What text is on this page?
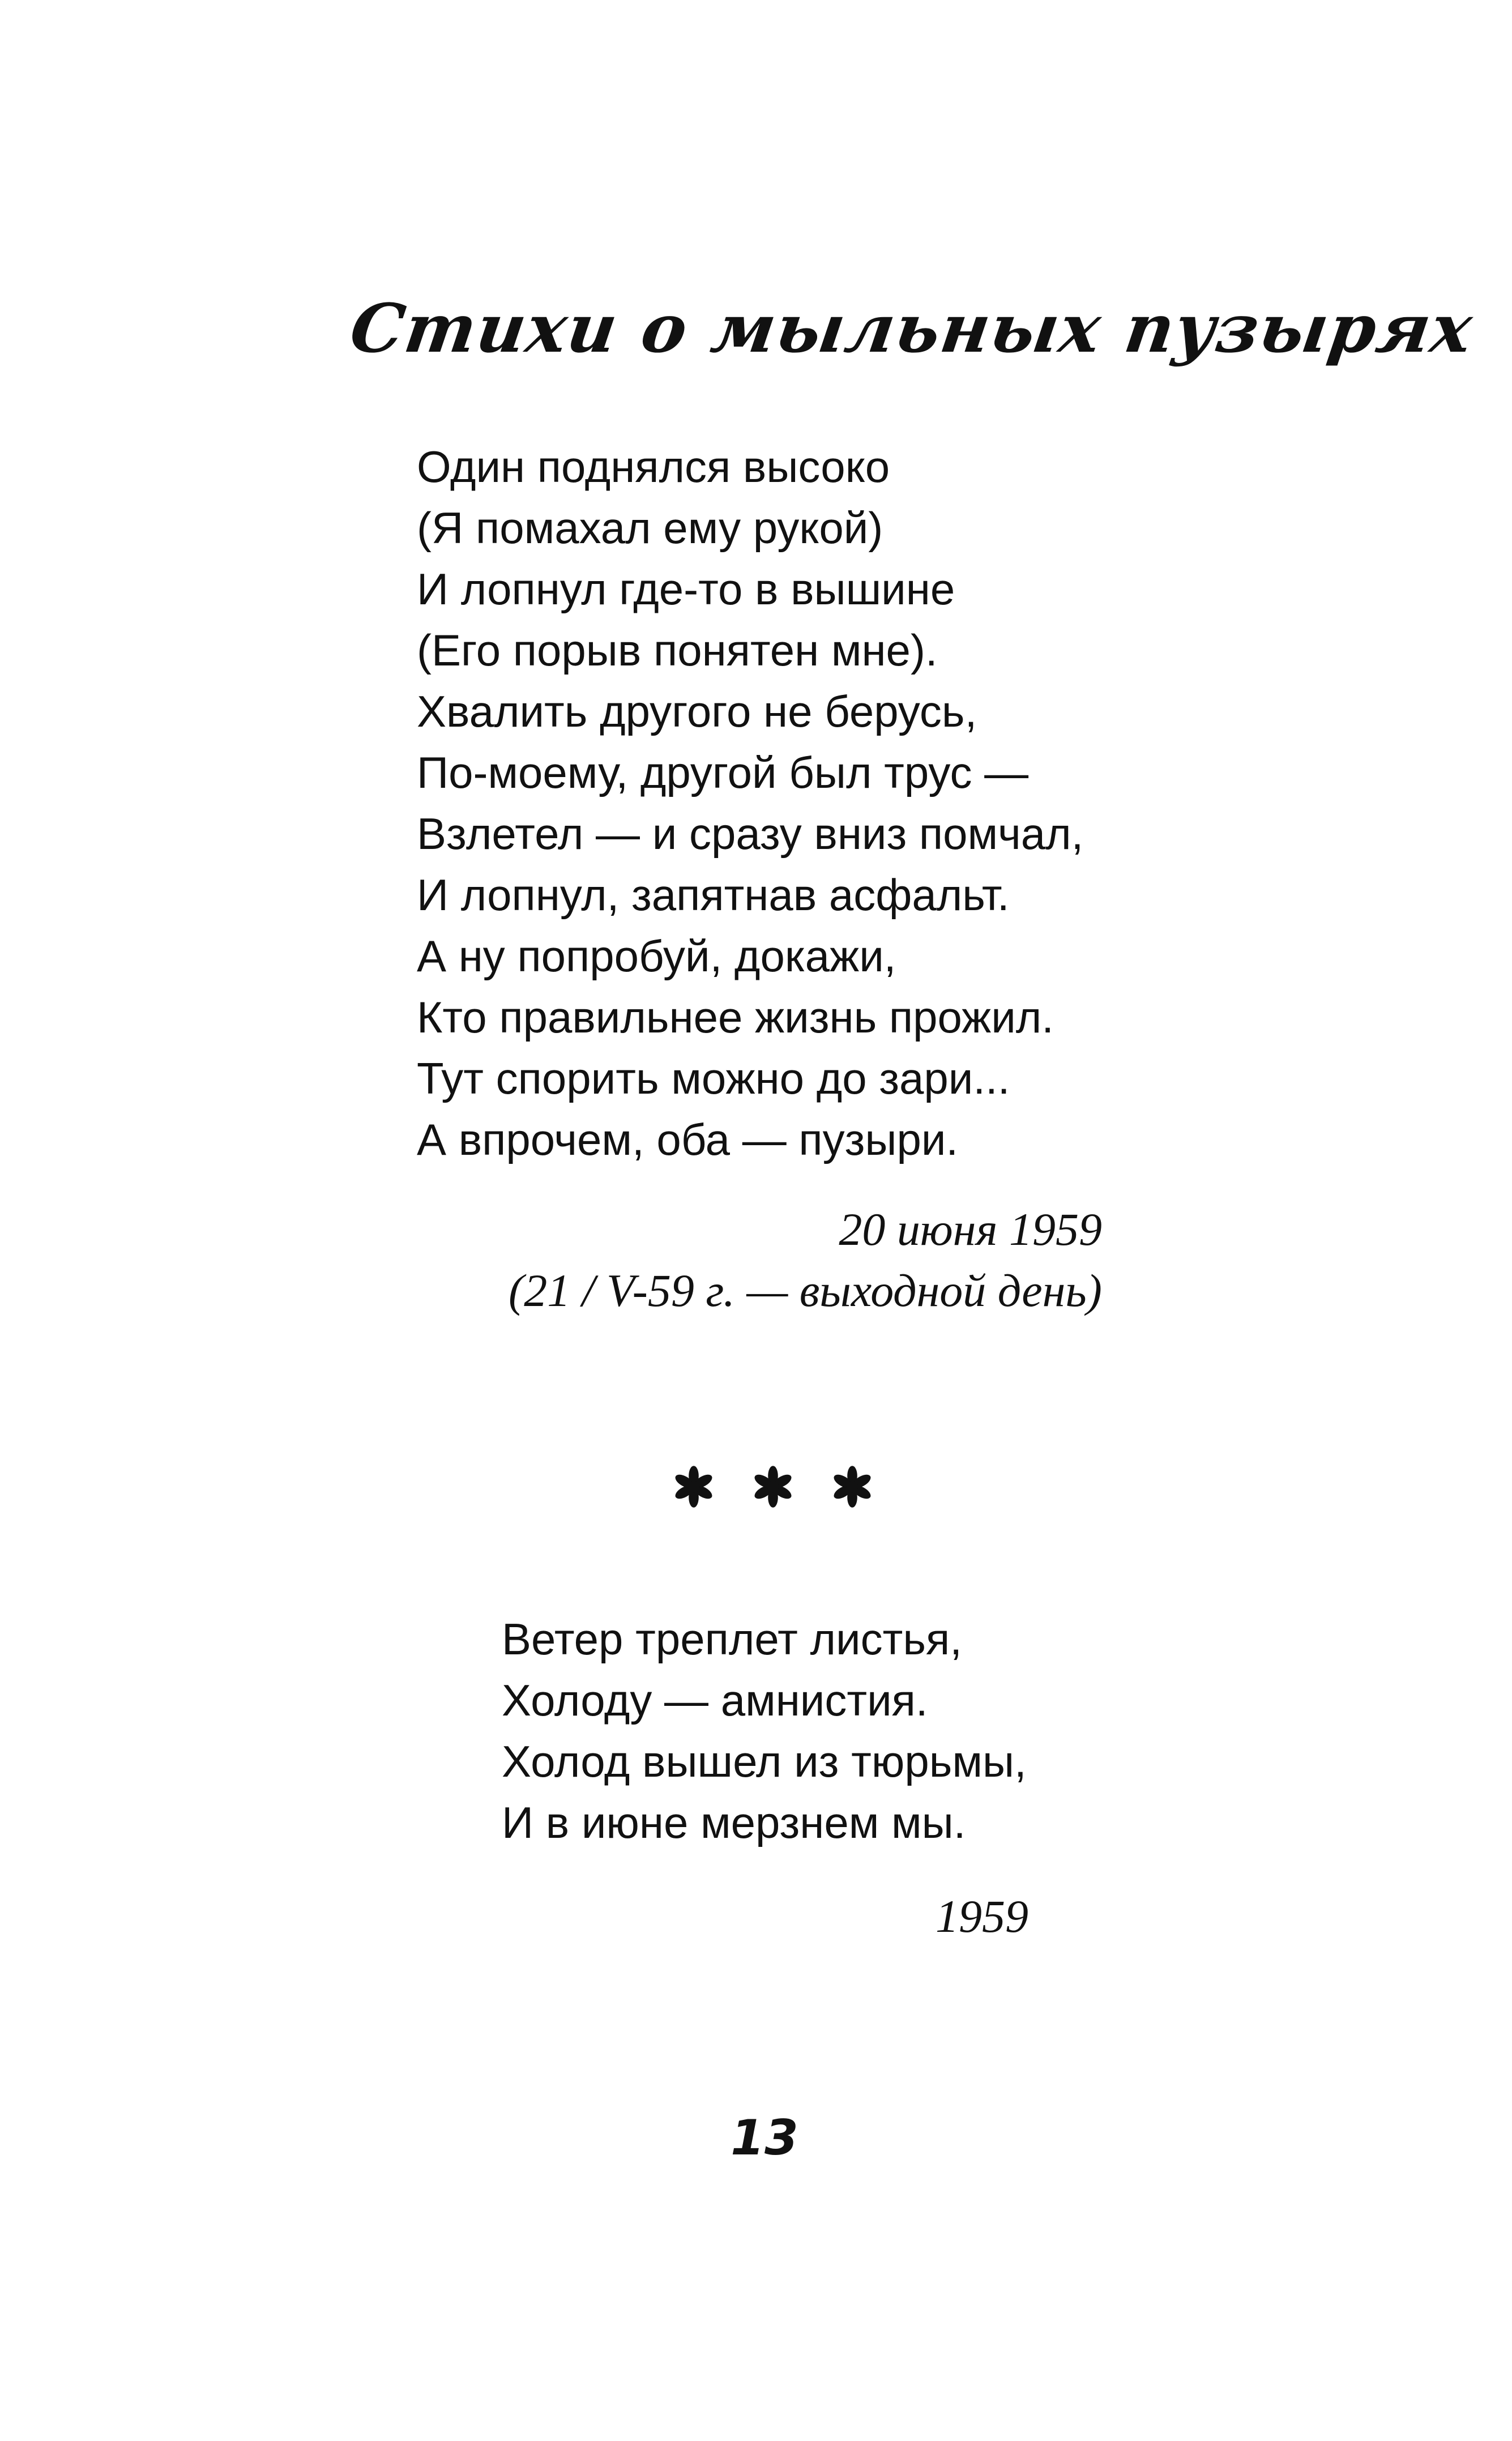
Стихи о мыльных пузырях
Один поднялся высоко
(Я помахал ему рукой)
И лопнул где-то в вышине
(Его порыв понятен мне).
Хвалить другого не берусь,
По-моему, другой был трус —
Взлетел — и сразу вниз помчал,
И лопнул, запятнав асфальт.
А ну попробуй, докажи,
Кто правильнее жизнь прожил.
Тут спорить можно до зари...
А впрочем, оба — пузыри.
20 июня 1959
(21 / V-59 г. — выходной день)
Ветер треплет листья,
Холоду — амнистия.
Холод вышел из тюрьмы,
И в июне мерзнем мы.
1959
13
